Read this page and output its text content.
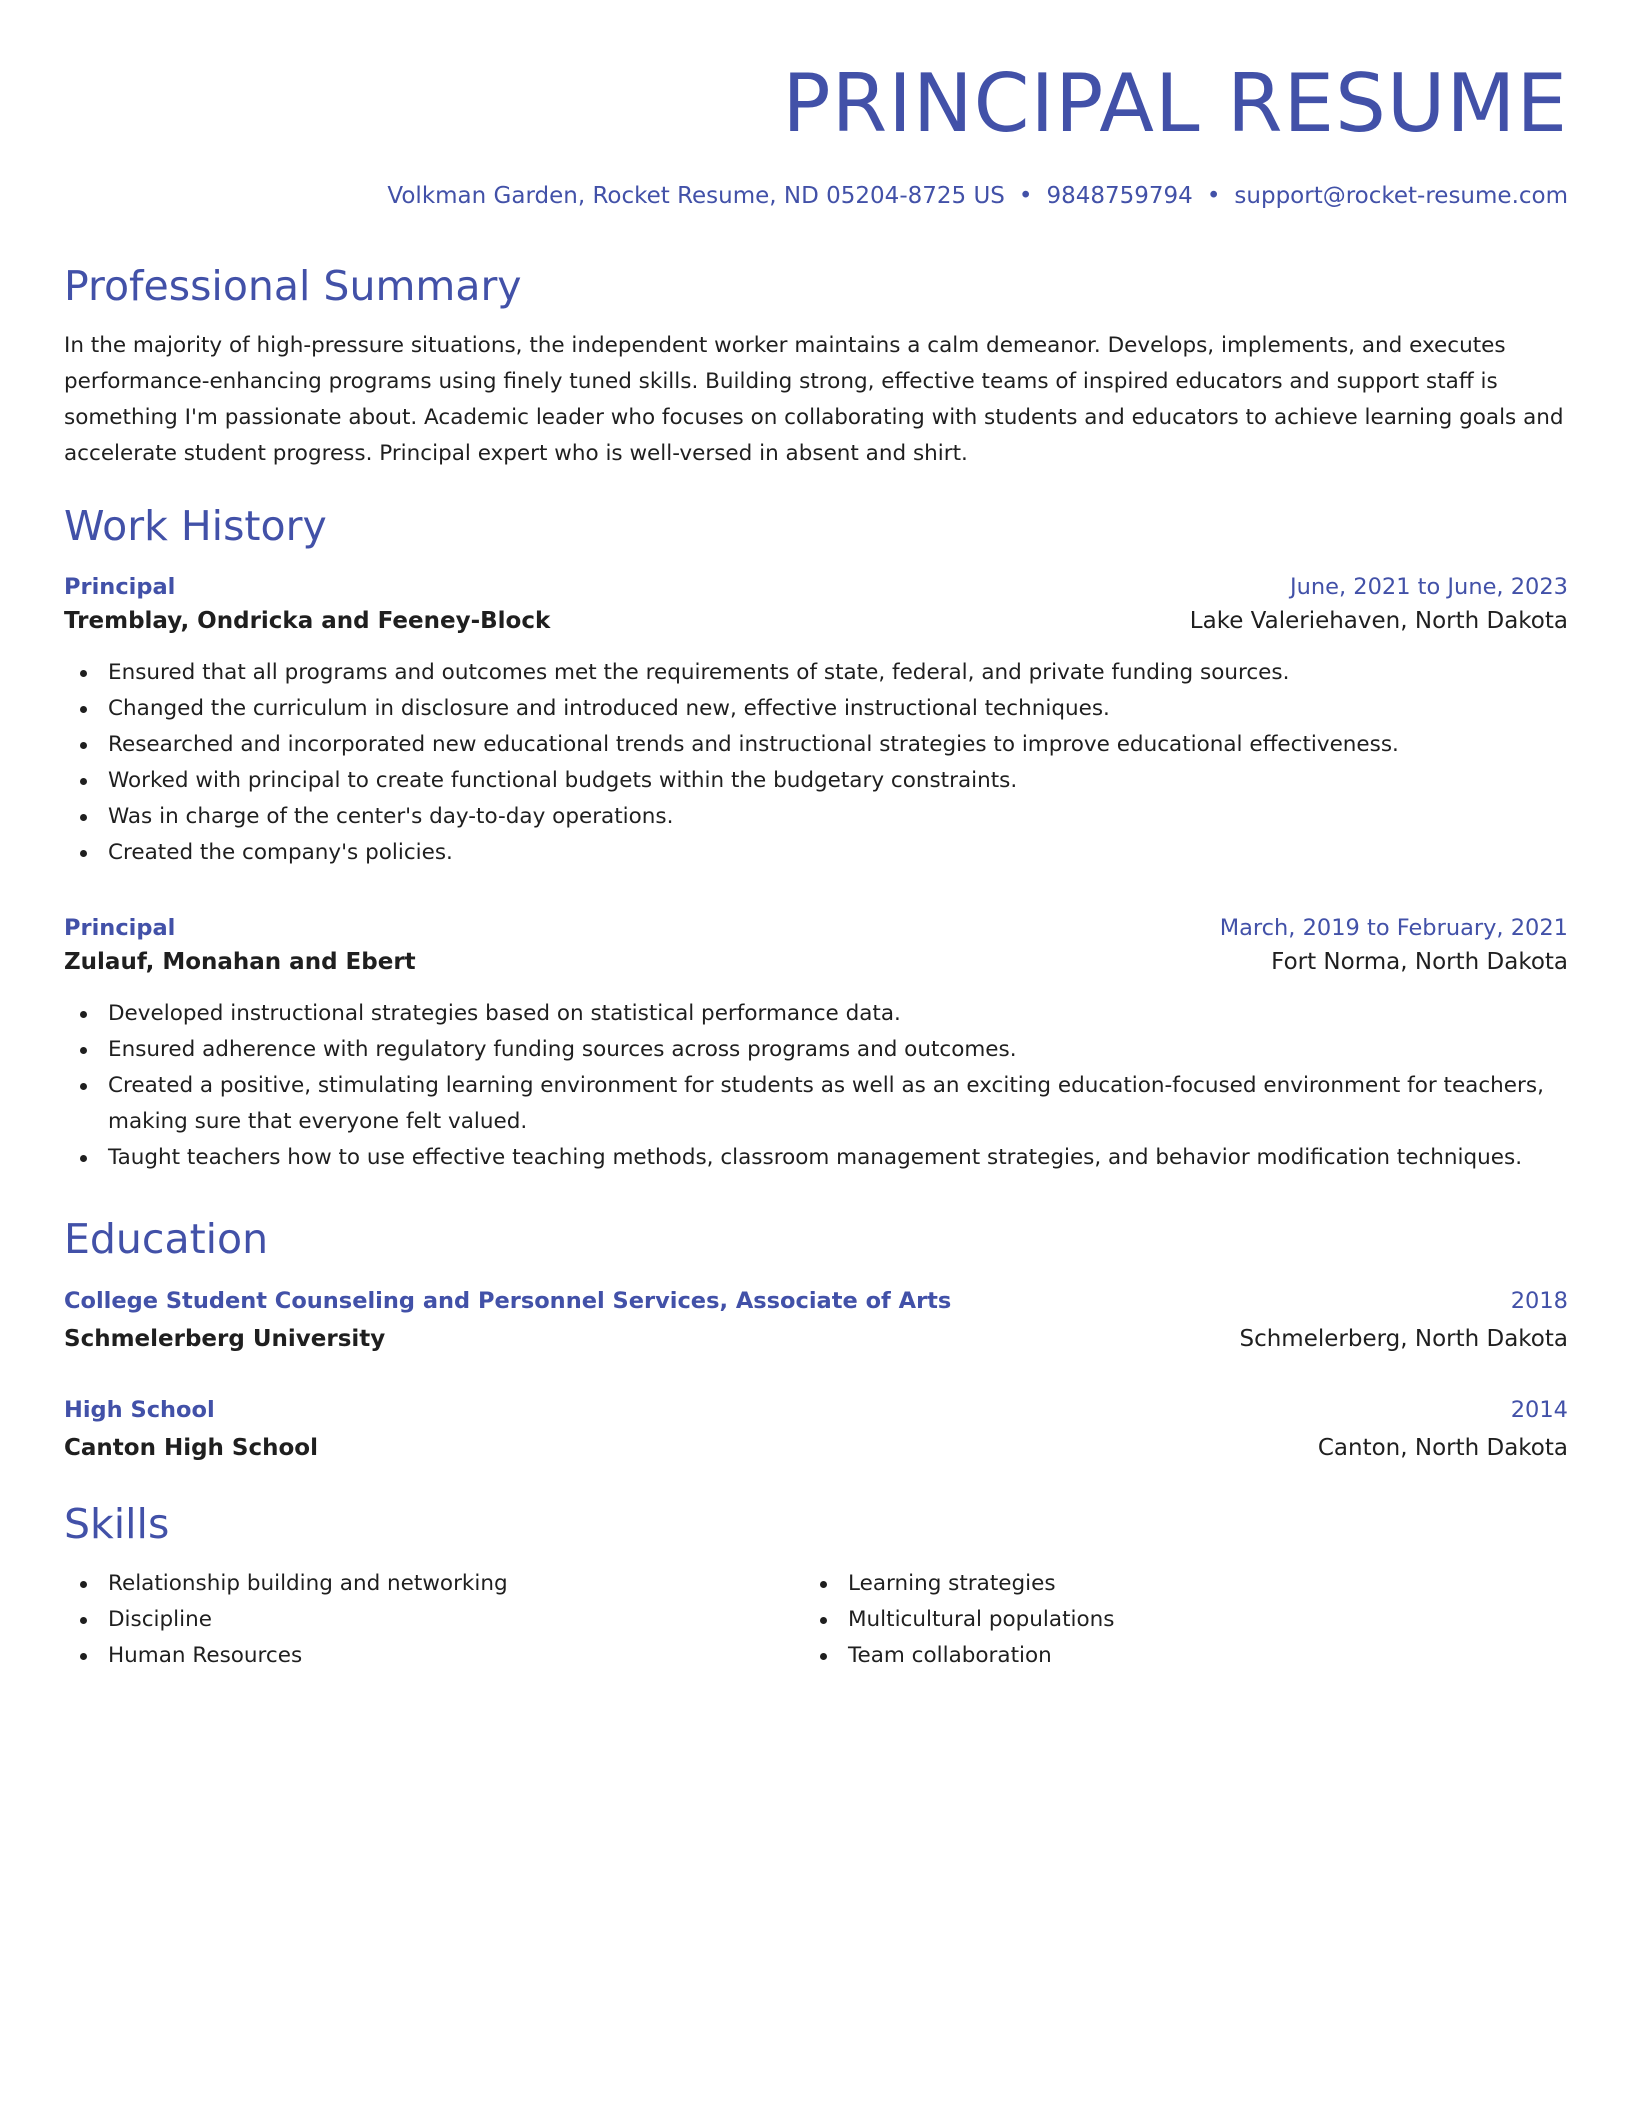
PRINCIPAL RESUME
Volkman Garden, Rocket Resume, ND 05204-8725 US • 9848759794 • support@rocket-resume.com
Professional Summary

In the majority of high-pressure situations, the independent worker maintains a calm demeanor. Develops, implements, and executes performance-enhancing programs using finely tuned skills. Building strong, effective teams of inspired educators and support staff is something I'm passionate about. Academic leader who focuses on collaborating with students and educators to achieve learning goals and accelerate student progress. Principal expert who is well-versed in absent and shirt.

Work History
Principal	June, 2021 to June, 2023
Tremblay, Ondricka and Feeney-Block	Lake Valeriehaven, North Dakota
Ensured that all programs and outcomes met the requirements of state, federal, and private funding sources.
Changed the curriculum in disclosure and introduced new, effective instructional techniques.
Researched and incorporated new educational trends and instructional strategies to improve educational effectiveness.
Worked with principal to create functional budgets within the budgetary constraints.
Was in charge of the center's day-to-day operations.
Created the company's policies.
Principal	March, 2019 to February, 2021
Zulauf, Monahan and Ebert	Fort Norma, North Dakota
Developed instructional strategies based on statistical performance data.
Ensured adherence with regulatory funding sources across programs and outcomes.
Created a positive, stimulating learning environment for students as well as an exciting education-focused environment for teachers, making sure that everyone felt valued.
Taught teachers how to use effective teaching methods, classroom management strategies, and behavior modification techniques.
Education
College Student Counseling and Personnel Services, Associate of Arts	2018
Schmelerberg University	Schmelerberg, North Dakota
High School	2014
Canton High School	Canton, North Dakota
Skills
Relationship building and networking
Discipline
Human Resources
Learning strategies
Multicultural populations
Team collaboration
